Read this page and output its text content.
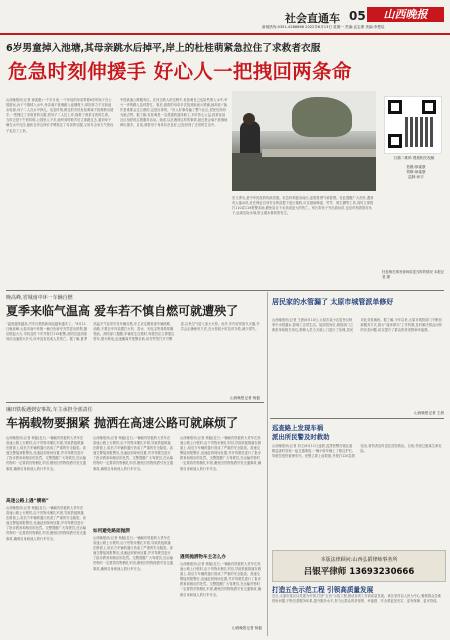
社会直通车 05	山西晚报
新闻热线:0351-4286666 2022年6月13日 星期一 责编:孟志康 美编:李慧辰
6岁男童掉入池塘,其母亲跳水后掉平,岸上的杜桂萌紧急拉住了求救者衣服
危急时刻伸援手 好心人一把拽回两条命
山西晚报讯(记者 徐素康)一个多月前,一个年轻的母亲带着6岁的孩子在公园游玩,孩子不慎掉入水中,母亲毫不犹豫跳入池塘救子,却因体力不支和池水较深,母子二人在水中挣扎。危急时刻,路过的市民杜桂萌毫不犹豫伸出援手,一把拽住了求救者的衣服,将母子二人拉上岸,挽救了两条宝贵的生命。当时正是下午的时候,公园里人不多,她听到呼救声后立即跑过去,看到母子俩在水中沉浮,她趴在岸边伸长手臂抓住了母亲的衣服,又用尽全身力气把孩子也拉了上来。
中国高速公路服务区。在河边救人的过程中,杜桂萌自己也险些滑入水中,幸亏一旁的路人及时帮忙。事后,被救的母亲多次找到她表示感谢,她却说:“换作是谁都会这么做的,这是应该的。”好人好事传遍了整个社区,居民们纷纷为她点赞。据了解,杜桂萌是一名普通的退休职工,平时热心公益,经常参加社区组织的志愿服务活动。她说,以后遇到这样的事情,她还是会毫不犹豫地伸出援手。目前,被救母子身体状况良好,已经回到了正常的生活中。
扫描二维码 观看相关视频
拍摄:徐素康
剪辑:徐素康
监制:孙宇
见义勇为,是中华民族的传统美德。危急时刻挺身而出,更需要勇气和智慧。在此提醒广大市民,遇到有人落水时,应在保证自身安全的前提下进行施救,可以借助绳索、竹竿、救生圈等工具,同时立即拨打110或119报警求助,避免盲目下水造成更大的伤亡。家长带孩子外出游玩时,也应时刻看管好孩子,远离危险水域,防止溺水事故的发生。
杜桂萌在事发现场讲述当时的情况 本报记者 摄
晚高峰,省城南中环一车辆自燃
夏季来临气温高 爱车若不慎自燃可就遭殃了
“温度越来越高,汽车自燃的新闻也越来越多了。”6月11日晚高峰,太原市南中环街一辆白色轿车突然冒出浓烟,随后燃起大火,司机及时下车并拨打119报警,消防员赶到现场后迅速将火扑灭,所幸没有造成人员伤亡。据了解,夏季高温天气容易引发车辆自燃,车主应定期检查车辆线路、油路,不要在车内放置打火机、香水、充电宝等易燃易爆物品。消防部门提醒,车辆发生自燃时,驾驶员应立即靠边停车,熄火断电,迅速撤离并报警求助,切勿贸然打开引擎盖,以免空气进入加大火势。此外,车内应常备灭火器,并学会正确使用方法,在火势较小时及时扑救,减少损失。
山西晚报记者 杨磊
居民家的水管漏了 太原市城管派单修好
山西晚报讯(记者 王晨)6月10日,太原市某小区居民反映家中水管漏水,影响了正常生活。接到投诉后,城管部门立即派单给相关单位,维修人员当天就上门进行了处理,居民对此非常满意。据了解,今年以来,太原市城管部门不断创新服务方式,推行“接诉即办”工作机制,及时解决群众反映的各类问题,切实提升了群众的获得感和幸福感。
山西晚报记者 王晨
廉田铁板遇到安事故,车主承担全部责任
车祸载物要捆紧 抛洒在高速公路可就麻烦了
山西晚报讯(记者 杨磊)近日,一辆载有铁板的大货车在高速公路上行驶时,由于货物未捆扎牢固,导致铁板散落在路面上,给后方车辆的通行造成了严重的安全隐患。高速交警接到报警后,迅速赶到现场处置,并对驾驶员进行了批评教育和相应的处罚。交警提醒广大驾驶员,在运输货物时一定要将货物捆扎牢固,避免因货物抛洒引发交通事故,确保自身和他人的行车安全。
高速公路上遇“横祸”
山西晚报讯(记者 杨磊)近日,一辆载有铁板的大货车在高速公路上行驶时,由于货物未捆扎牢固,导致铁板散落在路面上,给后方车辆的通行造成了严重的安全隐患。高速交警接到报警后,迅速赶到现场处置,并对驾驶员进行了批评教育和相应的处罚。交警提醒广大驾驶员,在运输货物时一定要将货物捆扎牢固,避免因货物抛洒引发交通事故,确保自身和他人的行车安全。
山西晚报讯(记者 杨磊)近日,一辆载有铁板的大货车在高速公路上行驶时,由于货物未捆扎牢固,导致铁板散落在路面上,给后方车辆的通行造成了严重的安全隐患。高速交警接到报警后,迅速赶到现场处置,并对驾驶员进行了批评教育和相应的处罚。交警提醒广大驾驶员,在运输货物时一定要将货物捆扎牢固,避免因货物抛洒引发交通事故,确保自身和他人的行车安全。
如何避免路面抛洒
山西晚报讯(记者 杨磊)近日,一辆载有铁板的大货车在高速公路上行驶时,由于货物未捆扎牢固,导致铁板散落在路面上,给后方车辆的通行造成了严重的安全隐患。高速交警接到报警后,迅速赶到现场处置,并对驾驶员进行了批评教育和相应的处罚。交警提醒广大驾驶员,在运输货物时一定要将货物捆扎牢固,避免因货物抛洒引发交通事故,确保自身和他人的行车安全。
山西晚报讯(记者 杨磊)近日,一辆载有铁板的大货车在高速公路上行驶时,由于货物未捆扎牢固,导致铁板散落在路面上,给后方车辆的通行造成了严重的安全隐患。高速交警接到报警后,迅速赶到现场处置,并对驾驶员进行了批评教育和相应的处罚。交警提醒广大驾驶员,在运输货物时一定要将货物捆扎牢固,避免因货物抛洒引发交通事故,确保自身和他人的行车安全。
遇到抛洒物车主怎么办
山西晚报讯(记者 杨磊)近日,一辆载有铁板的大货车在高速公路上行驶时,由于货物未捆扎牢固,导致铁板散落在路面上,给后方车辆的通行造成了严重的安全隐患。高速交警接到报警后,迅速赶到现场处置,并对驾驶员进行了批评教育和相应的处罚。交警提醒广大驾驶员,在运输货物时一定要将货物捆扎牢固,避免因货物抛洒引发交通事故,确保自身和他人的行车安全。
山西晚报记者 杨磊
巡查路上发现车祸
派出所民警及时救助
山西晚报讯(记者 刘文)6月11日凌晨,巡逻民警在辖区道路巡查时发现一起交通事故,一辆小轿车撞上了路边护栏,驾驶员受伤被困车内。民警立即上前救援,并拨打120急救电话,将伤者及时送往医院救治。目前,伤者已脱离生命危险。
本版法律顾问:山西弘韬律师事务所
吕银平律师 13693230666
打造五色示范工程 引领高质量发展
近日,太原市某区以党建为引领,打造“五色”示范工程,推动各项工作高质量发展。该区坚持以人民为中心,聚焦群众急难愁盼问题,不断完善服务体系,提升服务水平,努力让群众的获得感、幸福感、安全感更加充实、更有保障、更可持续。
